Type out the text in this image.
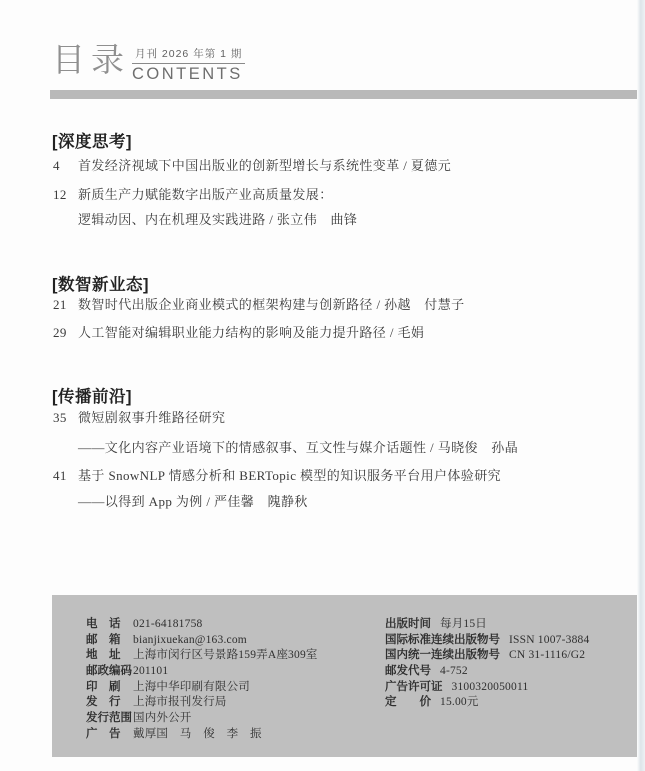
目录 月刊 2026 年第 1 期
CONTENTS
[深度思考]
4 首发经济视域下中国出版业的创新型增长与系统性变革 / 夏德元
12 新质生产力赋能数字出版产业高质量发展：
逻辑动因、内在机理及实践进路 / 张立伟　曲锋
[数智新业态]
21 数智时代出版企业商业模式的框架构建与创新路径 / 孙越　付慧子
29 人工智能对编辑职业能力结构的影响及能力提升路径 / 毛娟
[传播前沿]
35 微短剧叙事升维路径研究
——文化内容产业语境下的情感叙事、互文性与媒介话题性 / 马晓俊　孙晶
41 基于 SnowNLP 情感分析和 BERTopic 模型的知识服务平台用户体验研究
——以得到 App 为例 / 严佳馨　隗静秋
电　话	021-64181758
邮　箱	bianjixuekan@163.com
地　址	上海市闵行区号景路159弄A座309室
邮政编码 201101
印　刷	上海中华印刷有限公司
发　行	上海市报刊发行局
发行范围 国内外公开
广　告	戴厚国　马　俊　李　振
出版时间 每月15日
国际标准连续出版物号 ISSN 1007-3884
国内统一连续出版物号 CN 31-1116/G2
邮发代号 4-752
广告许可证 3100320050011
定　　价 15.00元
